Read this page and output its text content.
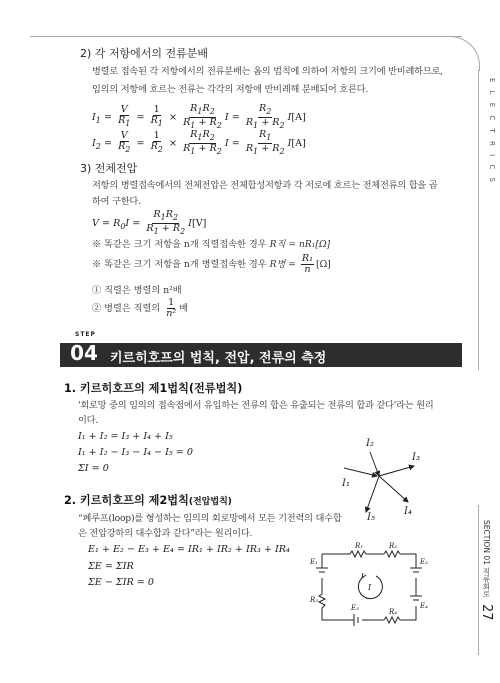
E L E C T R I C S
2) 각 저항에서의 전류분배
병렬로 접속된 각 저항에서의 전류분배는 옴의 법칙에 의하여 저항의 크기에 반비례하므로,
임의의 저항에 흐르는 전류는 각각의 저항에 반비례해 분배되어 흐른다.
$I_1 = \frac{V}{R_1} = \frac{1}{R_1} \times \frac{R_1R_2}{R_1 + R_2}$ $I = \frac{R_2}{R_1 + R_2} I[A]$
$I_2 = \frac{V}{R_2} = \frac{1}{R_2} \times \frac{R_1R_2}{R_1 + R_2}$ $I = \frac{R_1}{R_1 + R_2} I[A]$
3) 전체전압
저항의 병렬접속에서의 전체전압은 전체합성저항과 각 저로에 흐르는 전체전류의 합을 곱
하여 구한다.
$V = R_0I = \frac{R_1R_2}{R_1 + R_2} I[V]$
※ 똑같은 크기 저항을 n개 직렬접속한 경우 R직 = nR₁[Ω]
※ 똑같은 크기 저항을 n개 병렬접속한 경우 R병 = $\frac{\text{R₁}}{n} [\Omega]$
① 직렬은 병렬의 n²배
② 병렬은 직렬의 $\frac{1}{\text{n²}}$ 배
STEP
04 키르히호프의 법칙, 전압, 전류의 측정
1. 키르히호프의 제1법칙(전류법칙)
'회로망 중의 임의의 접속점에서 유입하는 전류의 합은 유출되는 전류의 합과 같다'라는 원리
이다.
I₁ + I₂ = I₃ + I₄ + I₅
I₁ + I₂ − I₃ − I₄ − I₅ = 0
ΣI = 0
I₂
I₃
I₁
I₅
I₄
2. 키르히호프의 제2법칙(전압법칙)
“폐루프(loop)를 형성하는 임의의 회로망에서 모든 기전력의 대수합
은 전압강하의 대수합과 같다”라는 원리이다.
E₁ + E₂ − E₃ + E₄ = IR₁ + IR₂ + IR₃ + IR₄
ΣE = ΣIR
ΣE − ΣIR = 0
R₁	R₂
E₁	E₂
I
R₃
E₃	R₄
E₄
SECTION 01 직류회로
27
